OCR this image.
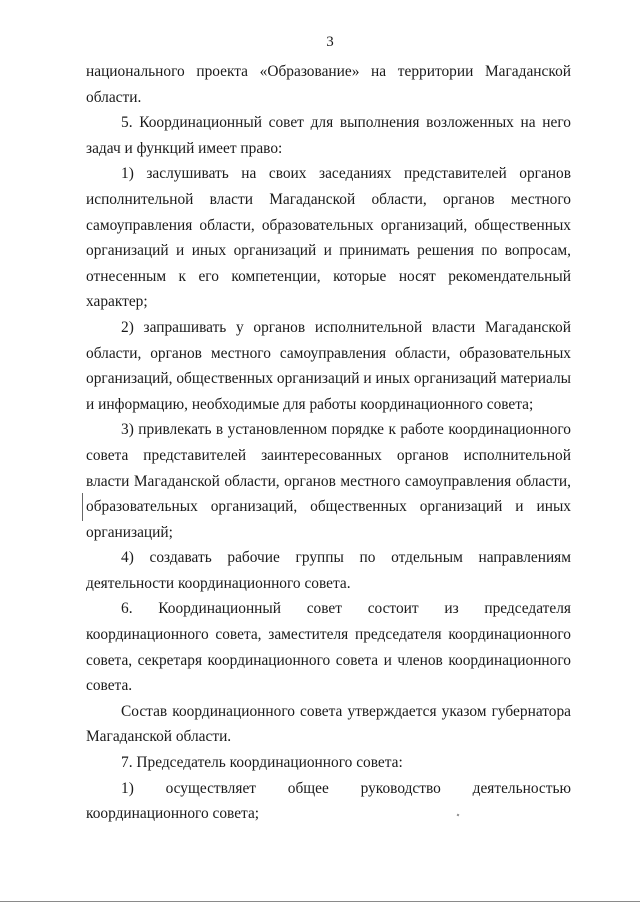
3

национального проекта «Образование» на территории Магаданской области.

5. Координационный совет для выполнения возложенных на него задач и функций имеет право:

1) заслушивать на своих заседаниях представителей органов исполнительной власти Магаданской области, органов местного самоуправления области, образовательных организаций, общественных организаций и иных организаций и принимать решения по вопросам, отнесенным к его компетенции, которые носят рекомендательный характер;

2) запрашивать у органов исполнительной власти Магаданской области, органов местного самоуправления области, образовательных организаций, общественных организаций и иных организаций материалы и информацию, необходимые для работы координационного совета;

3) привлекать в установленном порядке к работе координационного совета представителей заинтересованных органов исполнительной власти Магаданской области, органов местного самоуправления области, образовательных организаций, общественных организаций и иных организаций;

4) создавать рабочие группы по отдельным направлениям деятельности координационного совета.

6. Координационный совет состоит из председателя координационного совета, заместителя председателя координационного совета, секретаря координационного совета и членов координационного совета.

Состав координационного совета утверждается указом губернатора Магаданской области.

7. Председатель координационного совета:

1) осуществляет общее руководство деятельностью координационного совета;
